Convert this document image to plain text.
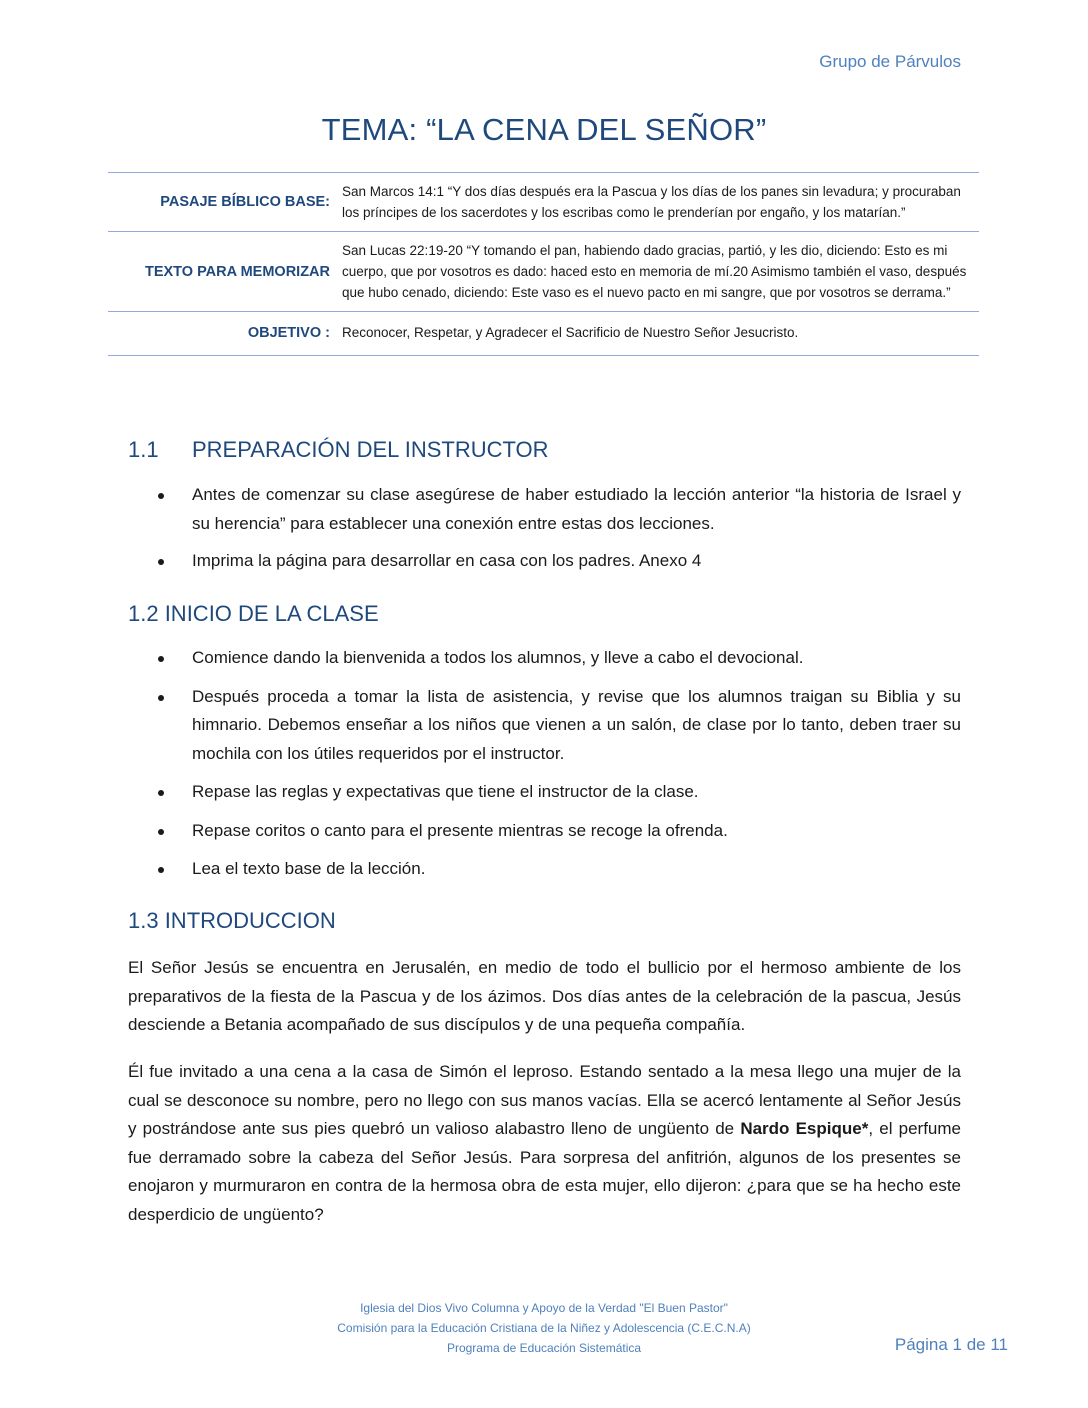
Grupo de Párvulos
TEMA: “LA CENA DEL SEÑOR”
PASAJE BÍBLICO BASE:	San Marcos 14:1 “Y dos días después era la Pascua y los días de los panes sin levadura; y procuraban los príncipes de los sacerdotes y los escribas como le prenderían por engaño, y los matarían.”
TEXTO PARA MEMORIZAR	San Lucas 22:19-20 “Y tomando el pan, habiendo dado gracias, partió, y les dio, diciendo: Esto es mi cuerpo, que por vosotros es dado: haced esto en memoria de mí.20 Asimismo también el vaso, después que hubo cenado, diciendo: Este vaso es el nuevo pacto en mi sangre, que por vosotros se derrama.”
OBJETIVO :	Reconocer, Respetar, y Agradecer el Sacrificio de Nuestro Señor Jesucristo.
1.1 PREPARACIÓN DEL INSTRUCTOR
Antes de comenzar su clase asegúrese de haber estudiado la lección anterior “la historia de Israel y su herencia” para establecer una conexión entre estas dos lecciones.
Imprima la página para desarrollar en casa con los padres. Anexo 4
1.2 INICIO DE LA CLASE
Comience dando la bienvenida a todos los alumnos, y lleve a cabo el devocional.
Después proceda a tomar la lista de asistencia, y revise que los alumnos traigan su Biblia y su himnario. Debemos enseñar a los niños que vienen a un salón, de clase por lo tanto, deben traer su mochila con los útiles requeridos por el instructor.
Repase las reglas y expectativas que tiene el instructor de la clase.
Repase coritos o canto para el presente mientras se recoge la ofrenda.
Lea el texto base de la lección.
1.3 INTRODUCCION

El Señor Jesús se encuentra en Jerusalén, en medio de todo el bullicio por el hermoso ambiente de los preparativos de la fiesta de la Pascua y de los ázimos. Dos días antes de la celebración de la pascua, Jesús desciende a Betania acompañado de sus discípulos y de una pequeña compañía.

Él fue invitado a una cena a la casa de Simón el leproso. Estando sentado a la mesa llego una mujer de la cual se desconoce su nombre, pero no llego con sus manos vacías. Ella se acercó lentamente al Señor Jesús y postrándose ante sus pies quebró un valioso alabastro lleno de ungüento de Nardo Espique*, el perfume fue derramado sobre la cabeza del Señor Jesús. Para sorpresa del anfitrión, algunos de los presentes se enojaron y murmuraron en contra de la hermosa obra de esta mujer, ello dijeron: ¿para que se ha hecho este desperdicio de ungüento?

Iglesia del Dios Vivo Columna y Apoyo de la Verdad "El Buen Pastor"
Comisión para la Educación Cristiana de la Niñez y Adolescencia (C.E.C.N.A)
Programa de Educación Sistemática	Página 1 de 11
